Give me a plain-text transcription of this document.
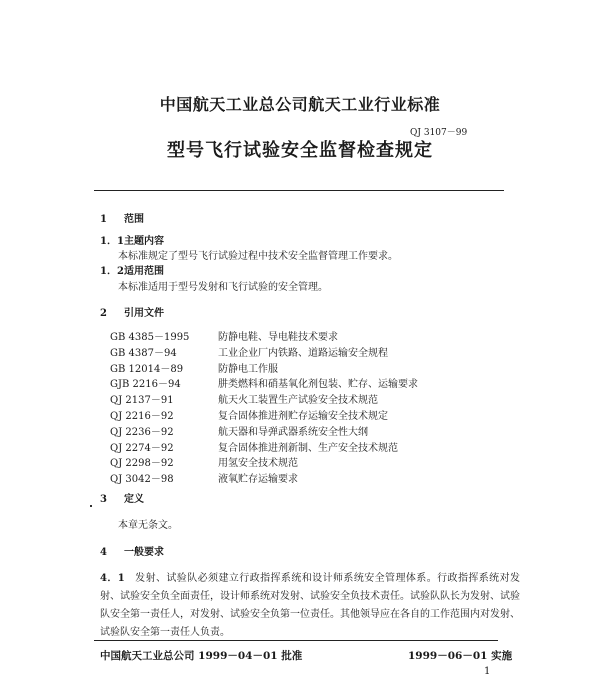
中国航天工业总公司航天工业行业标准
QJ 3107－99
型号飞行试验安全监督检查规定
1 范围
1．1主题内容
本标准规定了型号飞行试验过程中技术安全监督管理工作要求。
1．2适用范围
本标准适用于型号发射和飞行试验的安全管理。
2 引用文件
GB 4385－1995	防静电鞋、导电鞋技术要求
GB 4387－94	工业企业厂内铁路、道路运输安全规程
GB 12014－89	防静电工作服
GJB 2216－94	肼类燃料和硝基氧化剂包装、贮存、运输要求
QJ 2137－91	航天火工装置生产试验安全技术规范
QJ 2216－92	复合固体推进剂贮存运输安全技术规定
QJ 2236－92	航天器和导弹武器系统安全性大纲
QJ 2274－92	复合固体推进剂新制、生产安全技术规范
QJ 2298－92	用氢安全技术规范
QJ 3042－98	液氧贮存运输要求
3 定义
本章无条文。
4 一般要求
4．1 发射、试验队必须建立行政指挥系统和设计师系统安全管理体系。行政指挥系统对发射、试验安全负全面责任，设计师系统对发射、试验安全负技术责任。试验队队长为发射、试验队安全第一责任人，对发射、试验安全负第一位责任。其他领导应在各自的工作范围内对发射、试验队安全第一责任人负责。
中国航天工业总公司 1999－04－01 批准	1999－06－01 实施
1
